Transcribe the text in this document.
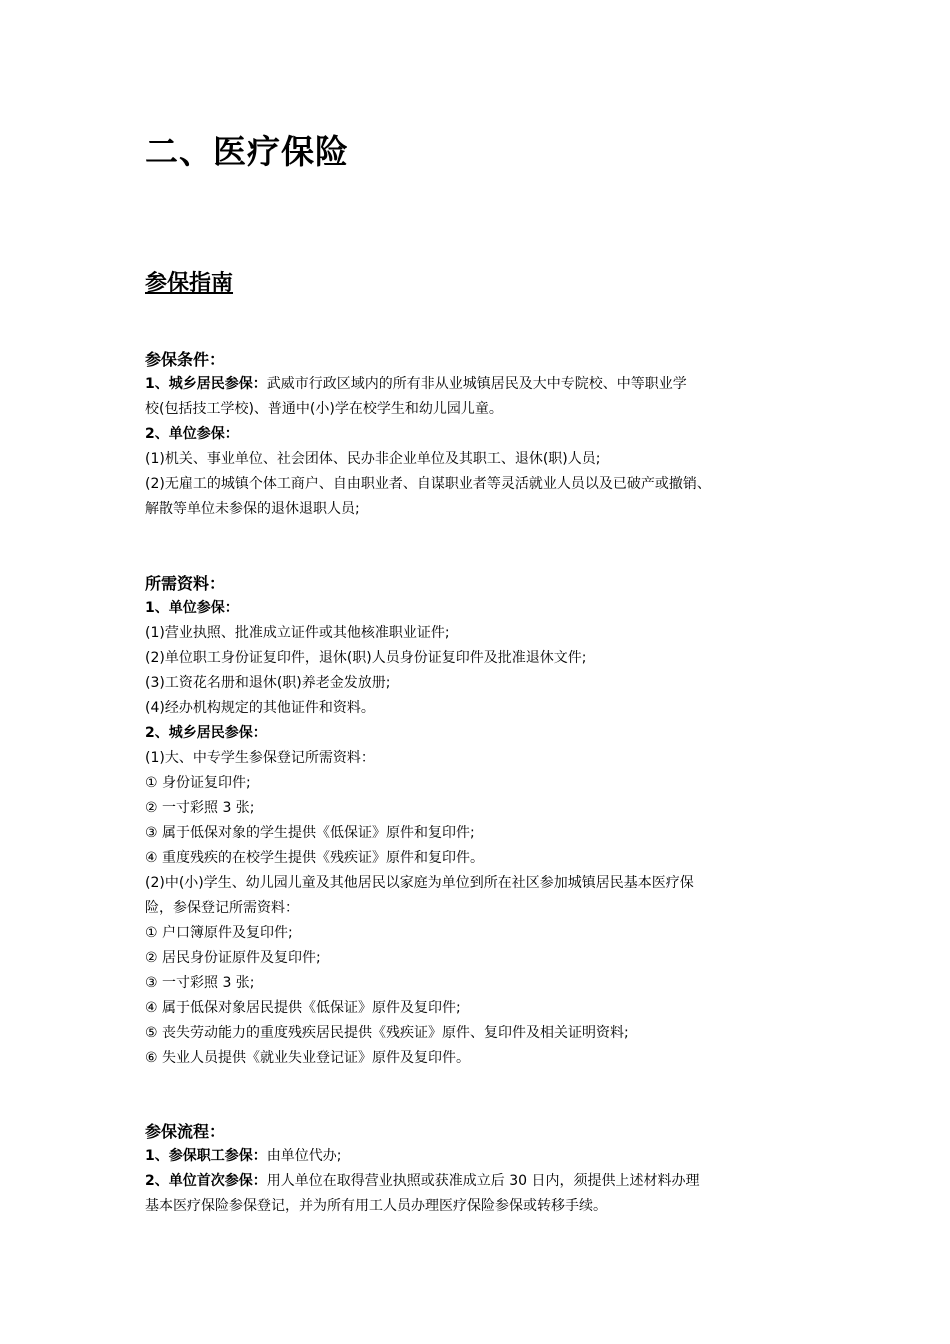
二、医疗保险
参保指南
参保条件：
1、城乡居民参保：武威市行政区域内的所有非从业城镇居民及大中专院校、中等职业学
校(包括技工学校)、普通中(小)学在校学生和幼儿园儿童。
2、单位参保：
(1)机关、事业单位、社会团体、民办非企业单位及其职工、退休(职)人员;
(2)无雇工的城镇个体工商户、自由职业者、自谋职业者等灵活就业人员以及已破产或撤销、
解散等单位未参保的退休退职人员;
所需资料：
1、单位参保：
(1)营业执照、批准成立证件或其他核准职业证件;
(2)单位职工身份证复印件，退休(职)人员身份证复印件及批准退休文件;
(3)工资花名册和退休(职)养老金发放册;
(4)经办机构规定的其他证件和资料。
2、城乡居民参保：
(1)大、中专学生参保登记所需资料：
① 身份证复印件;
② 一寸彩照 3 张;
③ 属于低保对象的学生提供《低保证》原件和复印件;
④ 重度残疾的在校学生提供《残疾证》原件和复印件。
(2)中(小)学生、幼儿园儿童及其他居民以家庭为单位到所在社区参加城镇居民基本医疗保
险，参保登记所需资料：
① 户口簿原件及复印件;
② 居民身份证原件及复印件;
③ 一寸彩照 3 张;
④ 属于低保对象居民提供《低保证》原件及复印件;
⑤ 丧失劳动能力的重度残疾居民提供《残疾证》原件、复印件及相关证明资料;
⑥ 失业人员提供《就业失业登记证》原件及复印件。
参保流程：
1、参保职工参保：由单位代办;
2、单位首次参保：用人单位在取得营业执照或获准成立后 30 日内，须提供上述材料办理
基本医疗保险参保登记，并为所有用工人员办理医疗保险参保或转移手续。
